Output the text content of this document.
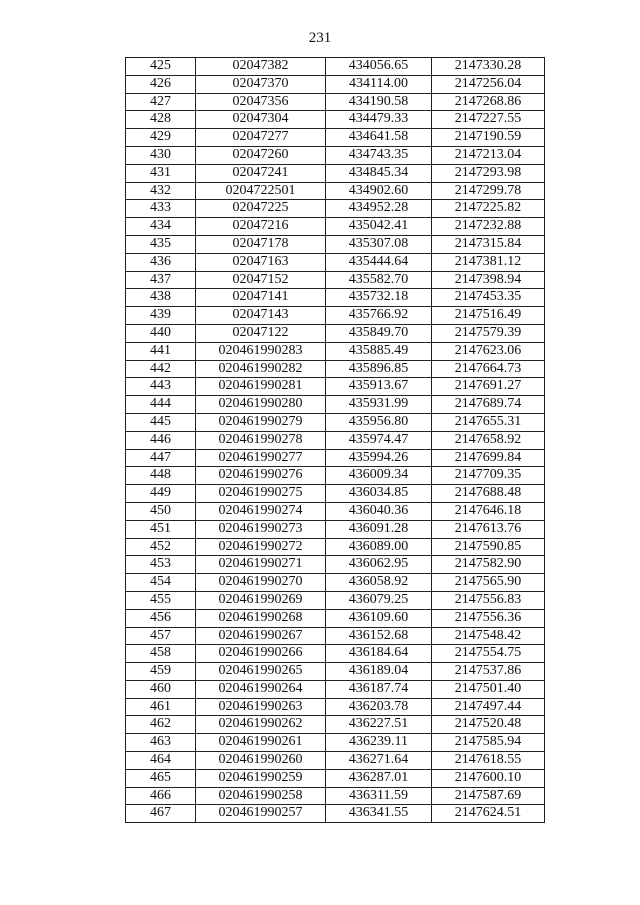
231
425	02047382	434056.65	2147330.28
426	02047370	434114.00	2147256.04
427	02047356	434190.58	2147268.86
428	02047304	434479.33	2147227.55
429	02047277	434641.58	2147190.59
430	02047260	434743.35	2147213.04
431	02047241	434845.34	2147293.98
432	0204722501	434902.60	2147299.78
433	02047225	434952.28	2147225.82
434	02047216	435042.41	2147232.88
435	02047178	435307.08	2147315.84
436	02047163	435444.64	2147381.12
437	02047152	435582.70	2147398.94
438	02047141	435732.18	2147453.35
439	02047143	435766.92	2147516.49
440	02047122	435849.70	2147579.39
441	020461990283	435885.49	2147623.06
442	020461990282	435896.85	2147664.73
443	020461990281	435913.67	2147691.27
444	020461990280	435931.99	2147689.74
445	020461990279	435956.80	2147655.31
446	020461990278	435974.47	2147658.92
447	020461990277	435994.26	2147699.84
448	020461990276	436009.34	2147709.35
449	020461990275	436034.85	2147688.48
450	020461990274	436040.36	2147646.18
451	020461990273	436091.28	2147613.76
452	020461990272	436089.00	2147590.85
453	020461990271	436062.95	2147582.90
454	020461990270	436058.92	2147565.90
455	020461990269	436079.25	2147556.83
456	020461990268	436109.60	2147556.36
457	020461990267	436152.68	2147548.42
458	020461990266	436184.64	2147554.75
459	020461990265	436189.04	2147537.86
460	020461990264	436187.74	2147501.40
461	020461990263	436203.78	2147497.44
462	020461990262	436227.51	2147520.48
463	020461990261	436239.11	2147585.94
464	020461990260	436271.64	2147618.55
465	020461990259	436287.01	2147600.10
466	020461990258	436311.59	2147587.69
467	020461990257	436341.55	2147624.51
